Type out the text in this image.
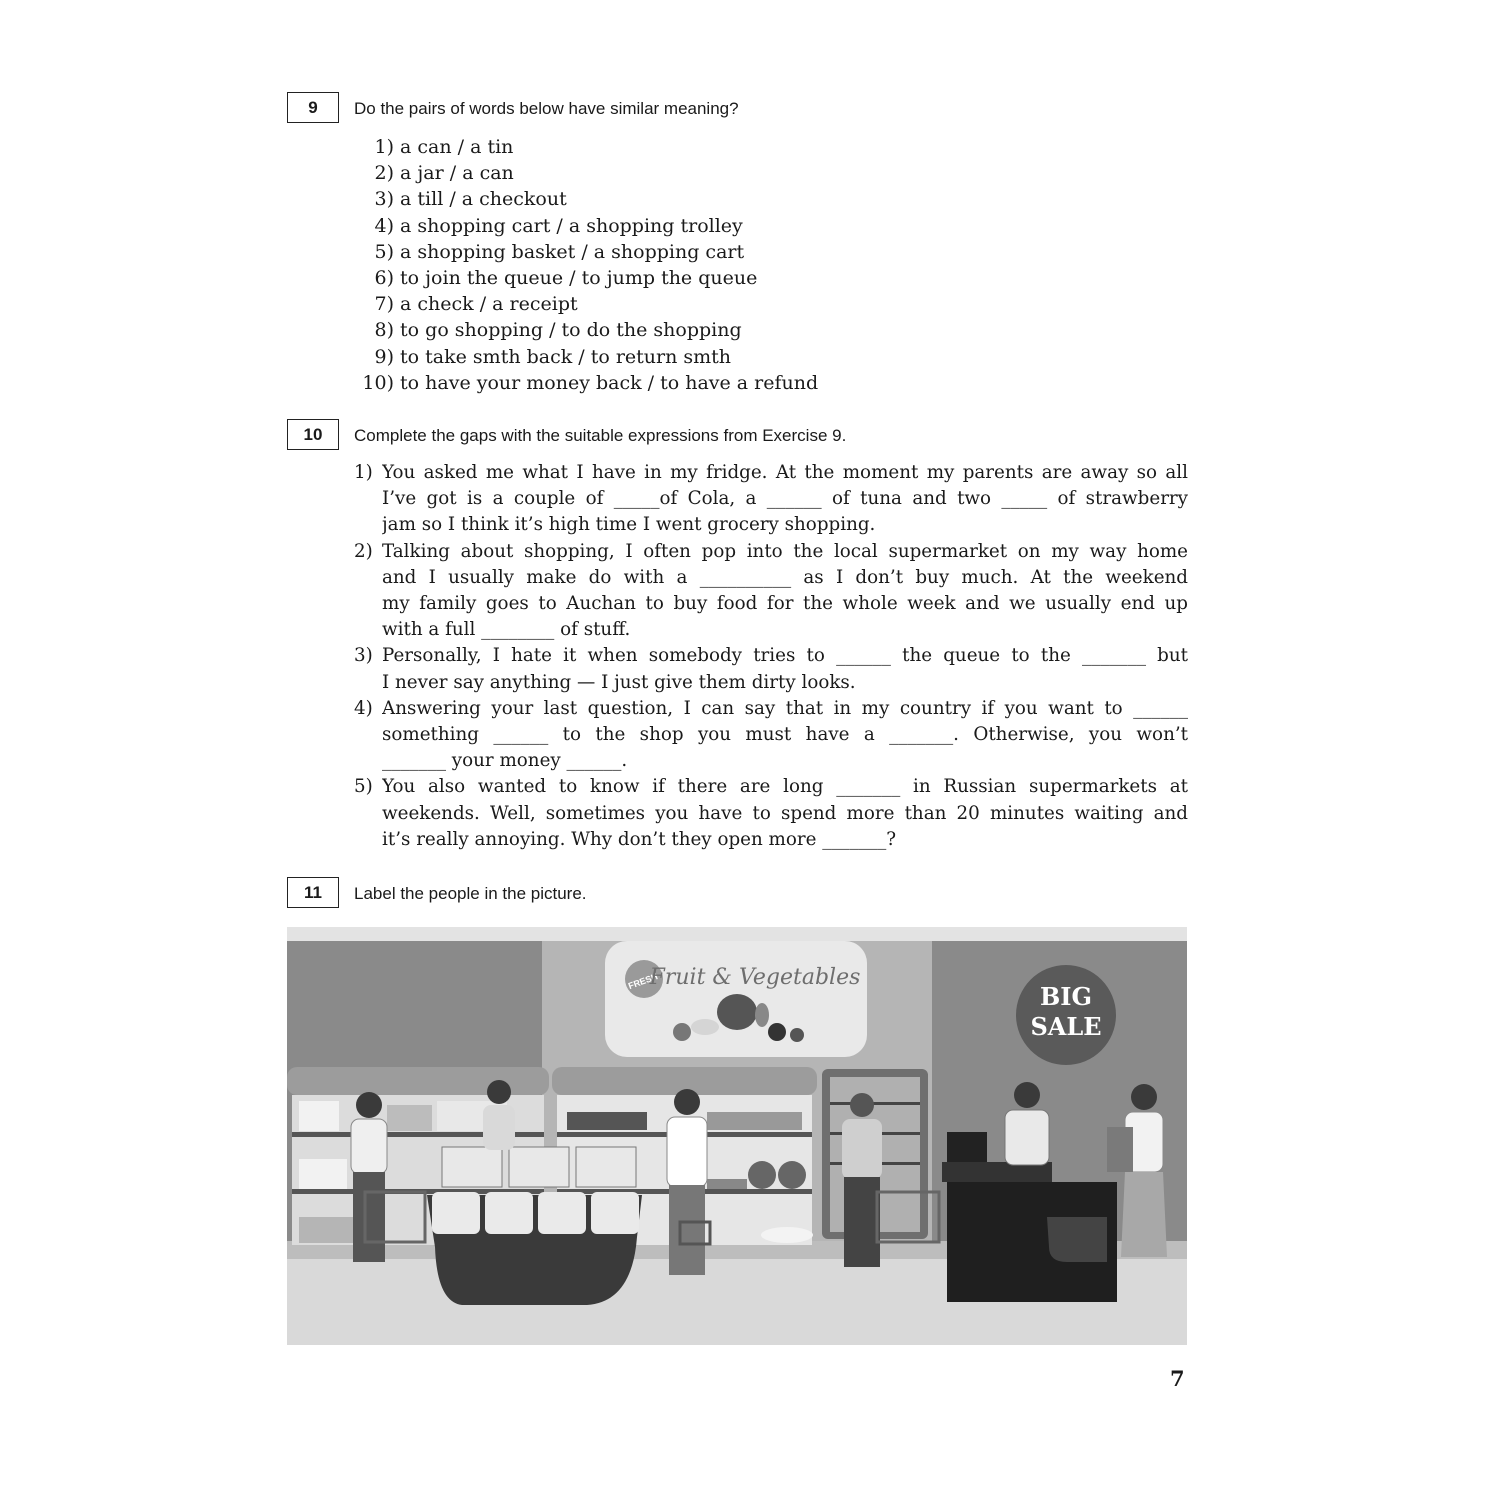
9 Do the pairs of words below have similar meaning?
1)
a can / a tin
2)
a jar / a can
3)
a till / a checkout
4)
a shopping cart / a shopping trolley
5)
a shopping basket / a shopping cart
6)
to join the queue / to jump the queue
7)
a check / a receipt
8)
to go shopping / to do the shopping
9)
to take smth back / to return smth
10)
to have your money back / to have a refund
10 Complete the gaps with the suitable expressions from Exercise 9.
1) You asked me what I have in my fridge. At the moment my parents are away so all
I’ve got is a couple of _____of Cola, a ______ of tuna and two _____ of strawberry
jam so I think it’s high time I went grocery shopping.
2) Talking about shopping, I often pop into the local supermarket on my way home
and I usually make do with a __________ as I don’t buy much. At the weekend
my family goes to Auchan to buy food for the whole week and we usually end up
with a full ________ of stuff.
3) Personally, I hate it when somebody tries to ______ the queue to the _______ but
I never say anything — I just give them dirty looks.
4) Answering your last question, I can say that in my country if you want to ______
something ______ to the shop you must have a _______. Otherwise, you won’t
_______ your money ______.
5) You also wanted to know if there are long _______ in Russian supermarkets at
weekends. Well, sometimes you have to spend more than 20 minutes waiting and
it’s really annoying. Why don’t they open more _______?
11 Label the people in the picture.
FRESH
Fruit & Vegetables
BIG
SALE
7
